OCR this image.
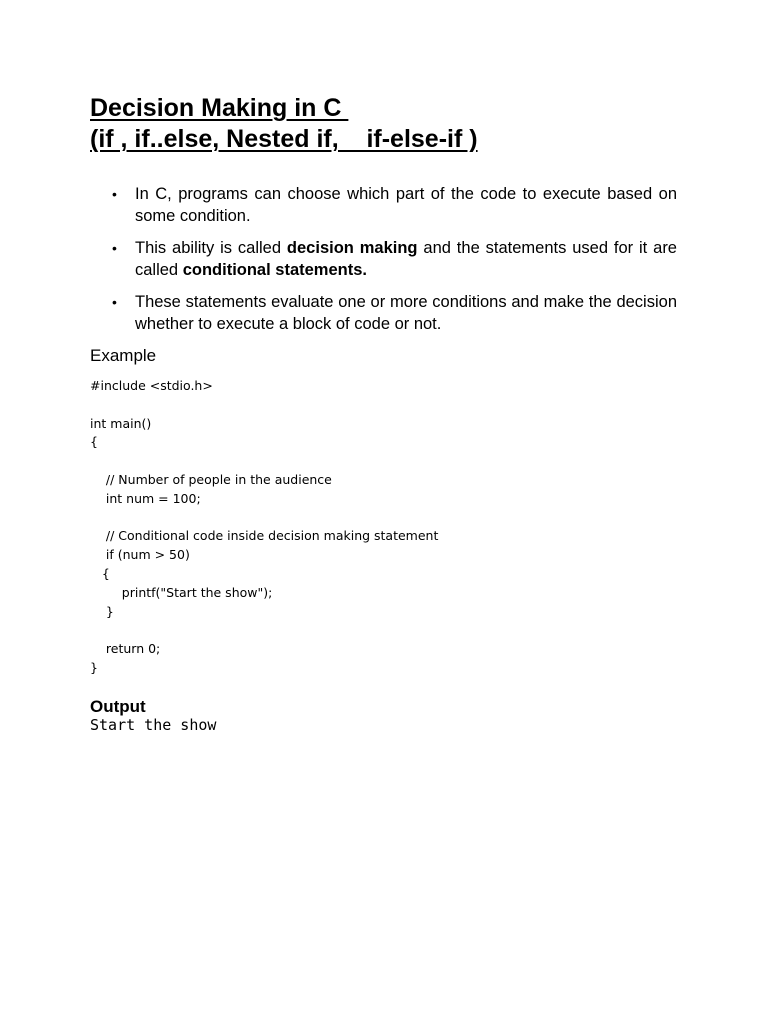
Decision Making in C
(if , if..else, Nested if,    if-else-if )
• In C, programs can choose which part of the code to execute based on some condition.
• This ability is called decision making and the statements used for it are called conditional statements.
• These statements evaluate one or more conditions and make the decision whether to execute a block of code or not.
Example
#include <stdio.h>
int main()
{
// Number of people in the audience
int num = 100;
// Conditional code inside decision making statement
if (num > 50)
{
printf("Start the show");
}
return 0;
}
Output
Start the show
